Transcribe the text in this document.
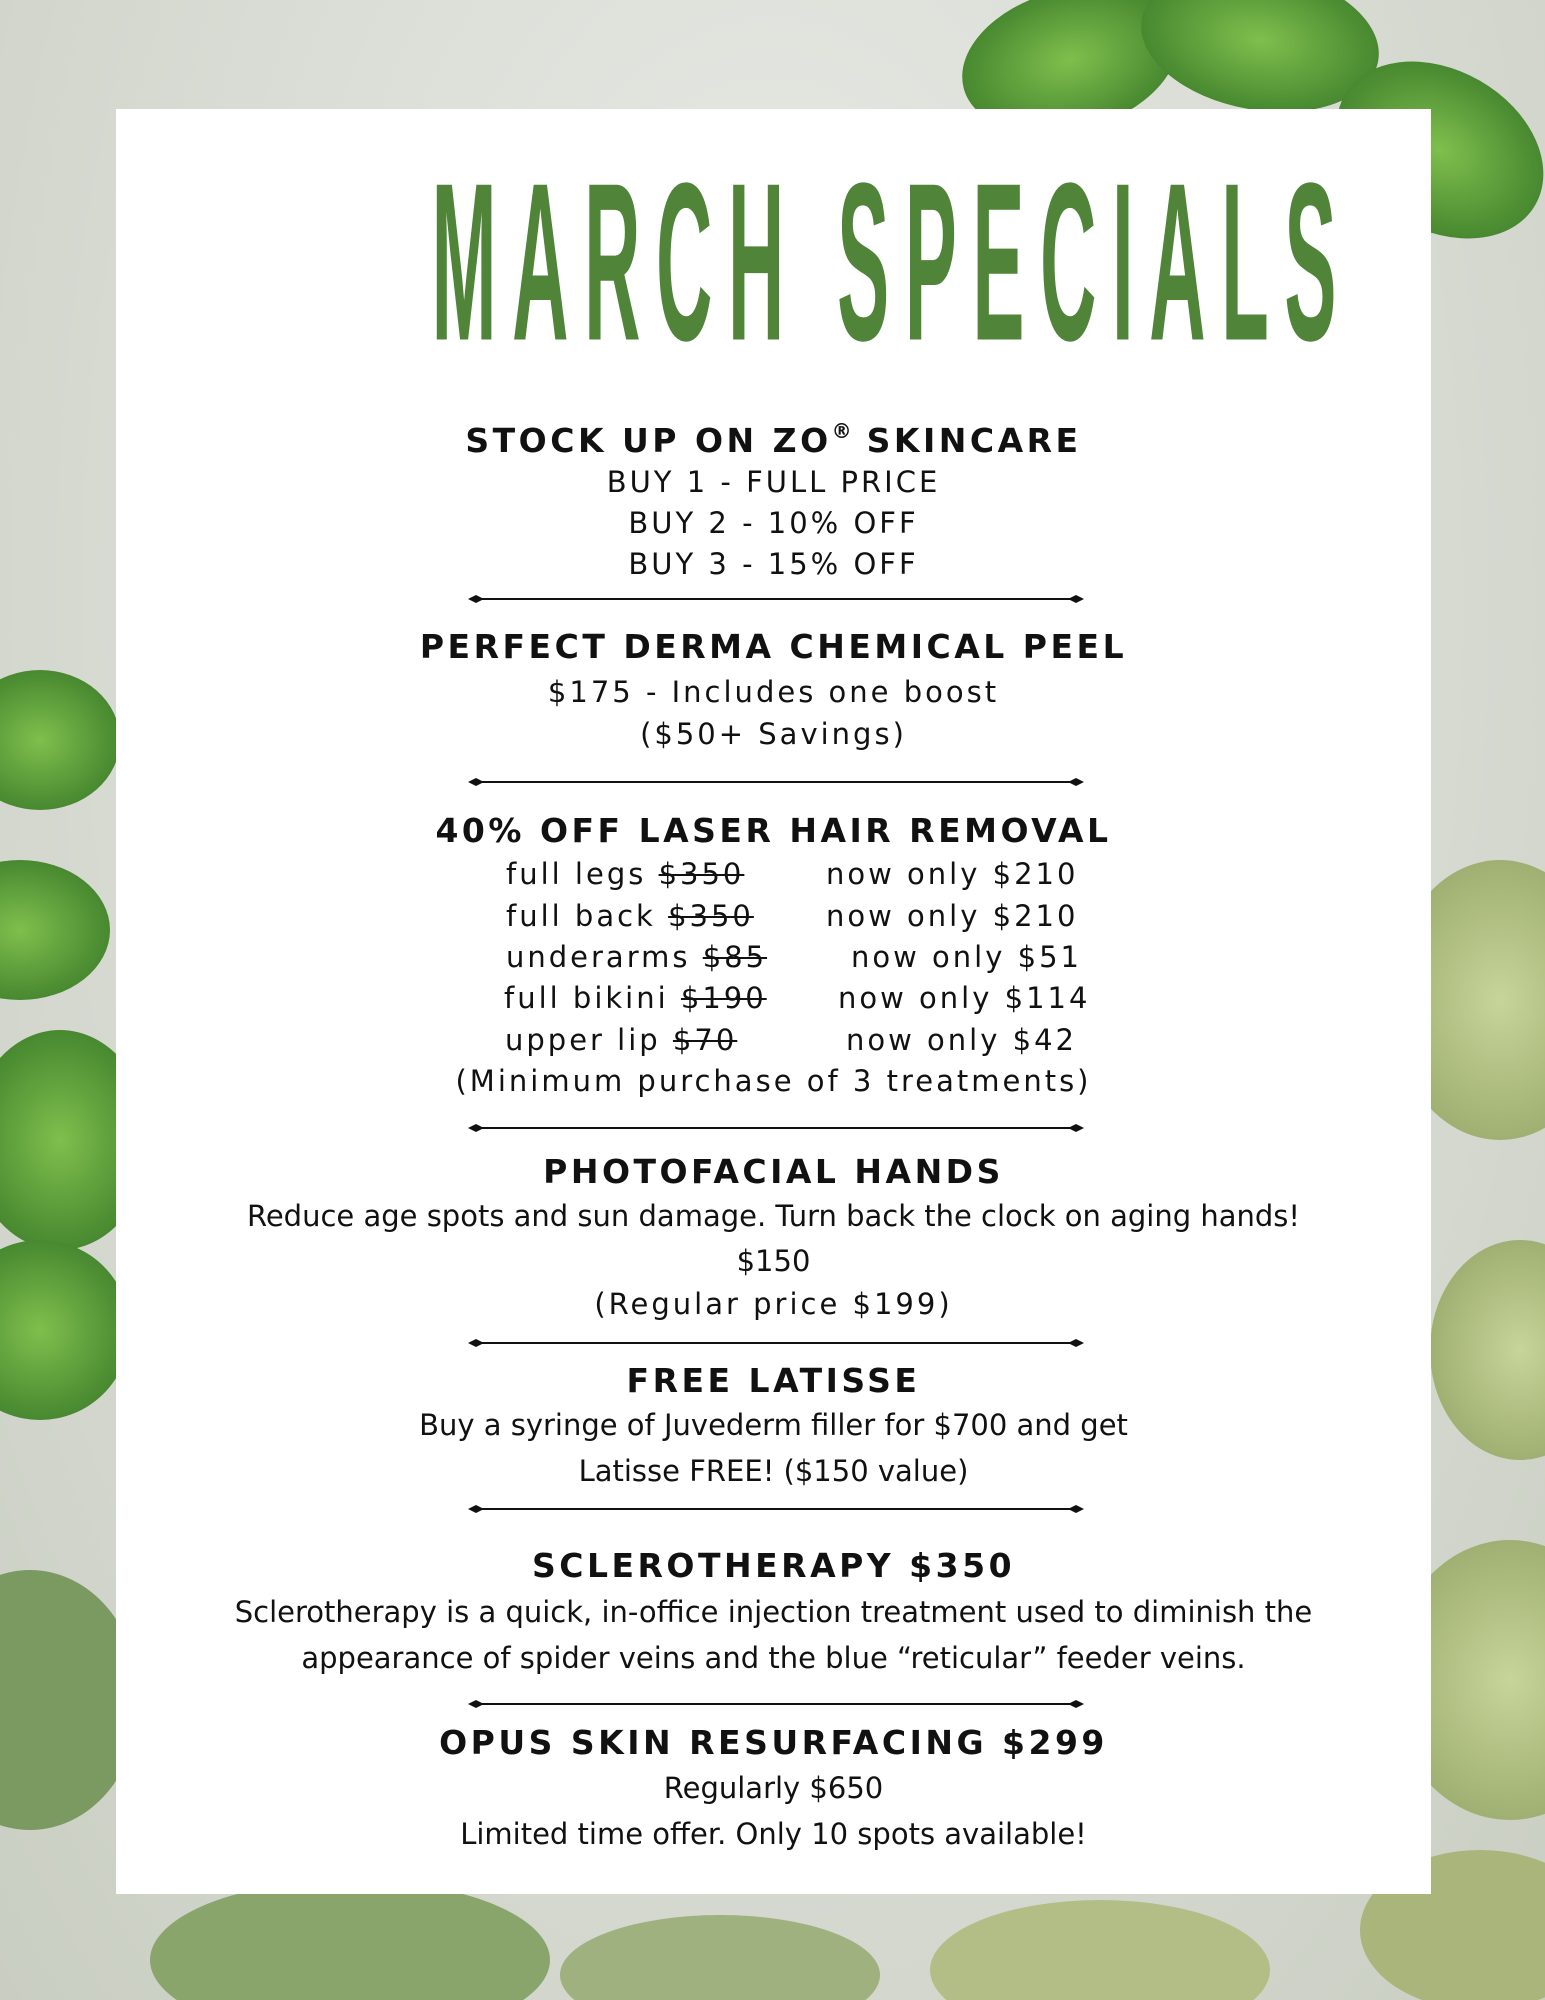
MARCH SPECIALS
STOCK UP ON ZO® SKINCARE
BUY 1 - FULL PRICE
BUY 2 - 10% OFF
BUY 3 - 15% OFF
PERFECT DERMA CHEMICAL PEEL
$175 - Includes one boost
($50+ Savings)
40% OFF LASER HAIR REMOVAL
full legs $350	now only $210
full back $350 now only $210
underarms $85	now only $51
full bikini $190 now only $114
upper lip $70	now only $42
(Minimum purchase of 3 treatments)
PHOTOFACIAL HANDS
Reduce age spots and sun damage. Turn back the clock on aging hands!
$150
(Regular price $199)
FREE LATISSE
Buy a syringe of Juvederm filler for $700 and get
Latisse FREE! ($150 value)
SCLEROTHERAPY $350
Sclerotherapy is a quick, in-office injection treatment used to diminish the
appearance of spider veins and the blue “reticular” feeder veins.
OPUS SKIN RESURFACING $299
Regularly $650
Limited time offer. Only 10 spots available!
